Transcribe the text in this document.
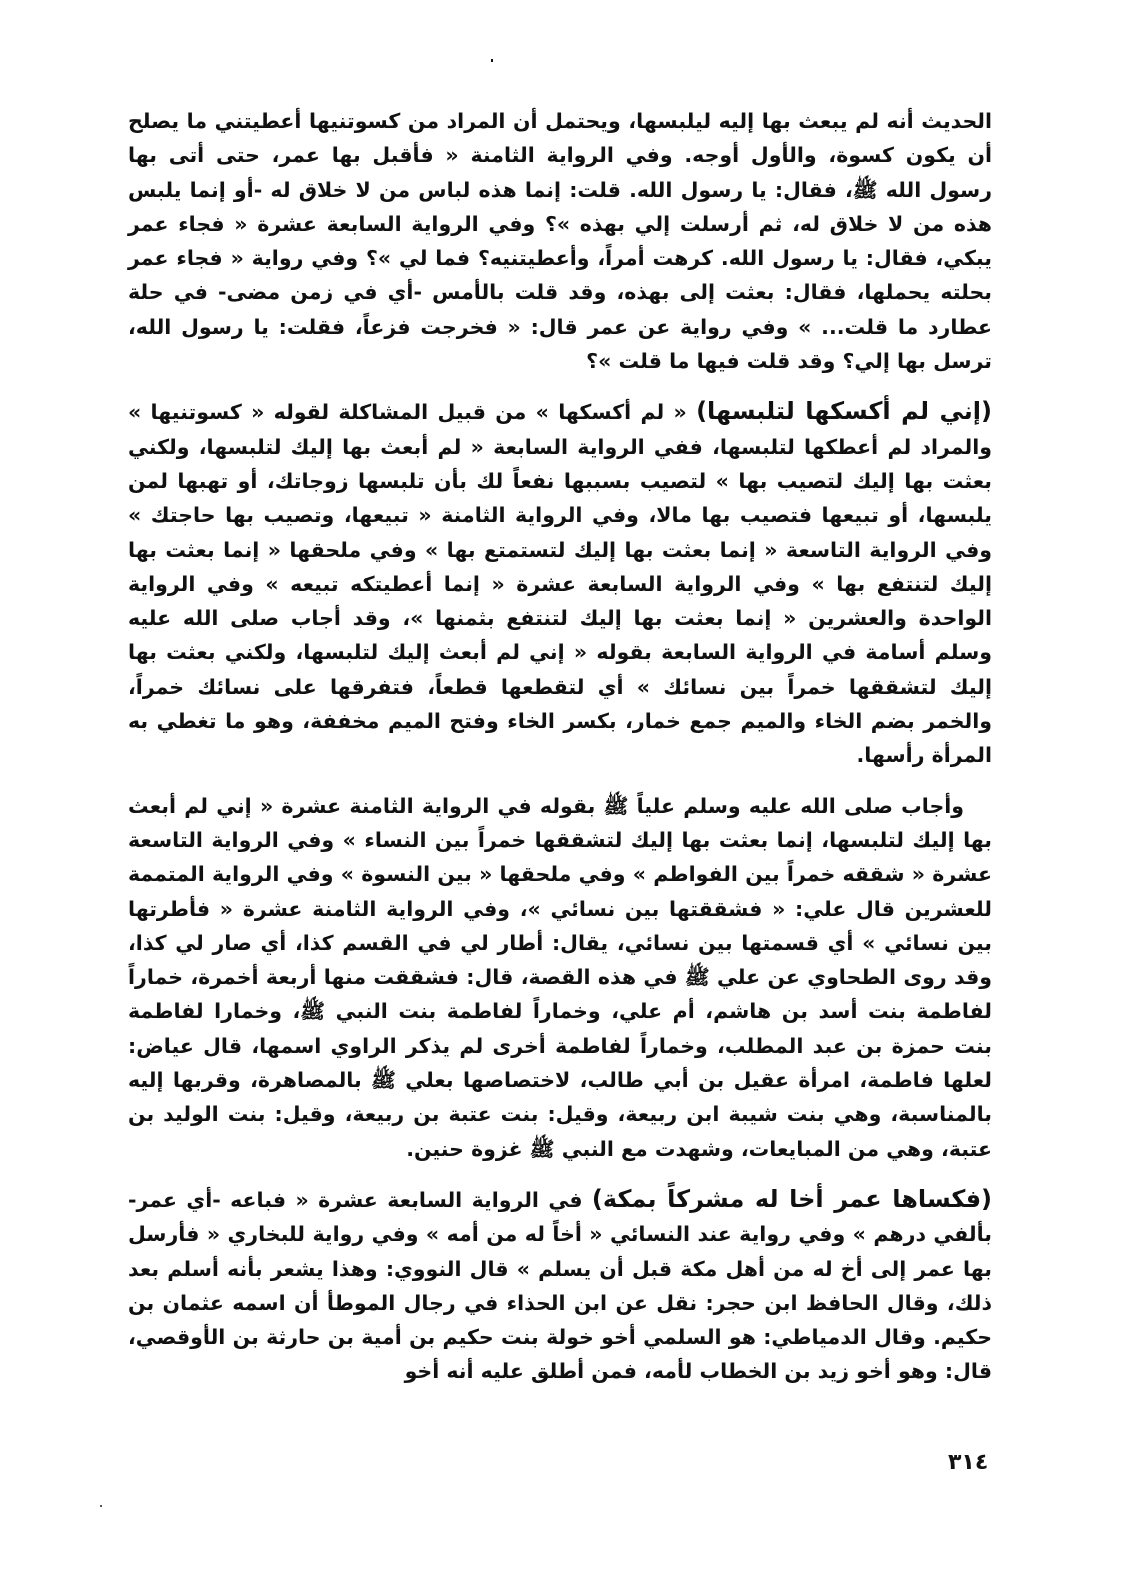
الحديث أنه لم يبعث بها إليه ليلبسها، ويحتمل أن المراد من كسوتنيها أعطيتني ما يصلح أن يكون كسوة، والأول أوجه. وفي الرواية الثامنة « فأقبل بها عمر، حتى أتى بها رسول الله ﷺ، فقال: يا رسول الله. قلت: إنما هذه لباس من لا خلاق له -أو إنما يلبس هذه من لا خلاق له، ثم أرسلت إلي بهذه »؟ وفي الرواية السابعة عشرة « فجاء عمر يبكي، فقال: يا رسول الله. كرهت أمراً، وأعطيتنيه؟ فما لي »؟ وفي رواية « فجاء عمر بحلته يحملها، فقال: بعثت إلى بهذه، وقد قلت بالأمس -أي في زمن مضى- في حلة عطارد ما قلت... » وفي رواية عن عمر قال: « فخرجت فزعاً، فقلت: يا رسول الله، ترسل بها إلي؟ وقد قلت فيها ما قلت »؟

(إني لم أكسكها لتلبسها) « لم أكسكها » من قبيل المشاكلة لقوله « كسوتنيها » والمراد لم أعطكها لتلبسها، ففي الرواية السابعة « لم أبعث بها إليك لتلبسها، ولكني بعثت بها إليك لتصيب بها » لتصيب بسببها نفعاً لك بأن تلبسها زوجاتك، أو تهبها لمن يلبسها، أو تبيعها فتصيب بها مالا، وفي الرواية الثامنة « تبيعها، وتصيب بها حاجتك » وفي الرواية التاسعة « إنما بعثت بها إليك لتستمتع بها » وفي ملحقها « إنما بعثت بها إليك لتنتفع بها » وفي الرواية السابعة عشرة « إنما أعطيتكه تبيعه » وفي الرواية الواحدة والعشرين « إنما بعثت بها إليك لتنتفع بثمنها »، وقد أجاب صلى الله عليه وسلم أسامة في الرواية السابعة بقوله « إني لم أبعث إليك لتلبسها، ولكني بعثت بها إليك لتشققها خمراً بين نسائك » أي لتقطعها قطعاً، فتفرقها على نسائك خمراً، والخمر بضم الخاء والميم جمع خمار، بكسر الخاء وفتح الميم مخففة، وهو ما تغطي به المرأة رأسها.

وأجاب صلى الله عليه وسلم علياً ﷺ بقوله في الرواية الثامنة عشرة « إني لم أبعث بها إليك لتلبسها، إنما بعثت بها إليك لتشققها خمراً بين النساء » وفي الرواية التاسعة عشرة « شققه خمراً بين الفواطم » وفي ملحقها « بين النسوة » وفي الرواية المتممة للعشرين قال علي: « فشققتها بين نسائي »، وفي الرواية الثامنة عشرة « فأطرتها بين نسائي » أي قسمتها بين نسائي، يقال: أطار لي في القسم كذا، أي صار لي كذا، وقد روى الطحاوي عن علي ﷺ في هذه القصة، قال: فشققت منها أربعة أخمرة، خماراً لفاطمة بنت أسد بن هاشم، أم علي، وخماراً لفاطمة بنت النبي ﷺ، وخمارا لفاطمة بنت حمزة بن عبد المطلب، وخماراً لفاطمة أخرى لم يذكر الراوي اسمها، قال عياض: لعلها فاطمة، امرأة عقيل بن أبي طالب، لاختصاصها بعلي ﷺ بالمصاهرة، وقربها إليه بالمناسبة، وهي بنت شيبة ابن ربيعة، وقيل: بنت عتبة بن ربيعة، وقيل: بنت الوليد بن عتبة، وهي من المبايعات، وشهدت مع النبي ﷺ غزوة حنين.

(فكساها عمر أخا له مشركاً بمكة) في الرواية السابعة عشرة « فباعه -أي عمر- بألفي درهم » وفي رواية عند النسائي « أخاً له من أمه » وفي رواية للبخاري « فأرسل بها عمر إلى أخ له من أهل مكة قبل أن يسلم » قال النووي: وهذا يشعر بأنه أسلم بعد ذلك، وقال الحافظ ابن حجر: نقل عن ابن الحذاء في رجال الموطأ أن اسمه عثمان بن حكيم. وقال الدمياطي: هو السلمي أخو خولة بنت حكيم بن أمية بن حارثة بن الأوقصي، قال: وهو أخو زيد بن الخطاب لأمه، فمن أطلق عليه أنه أخو

٣١٤
